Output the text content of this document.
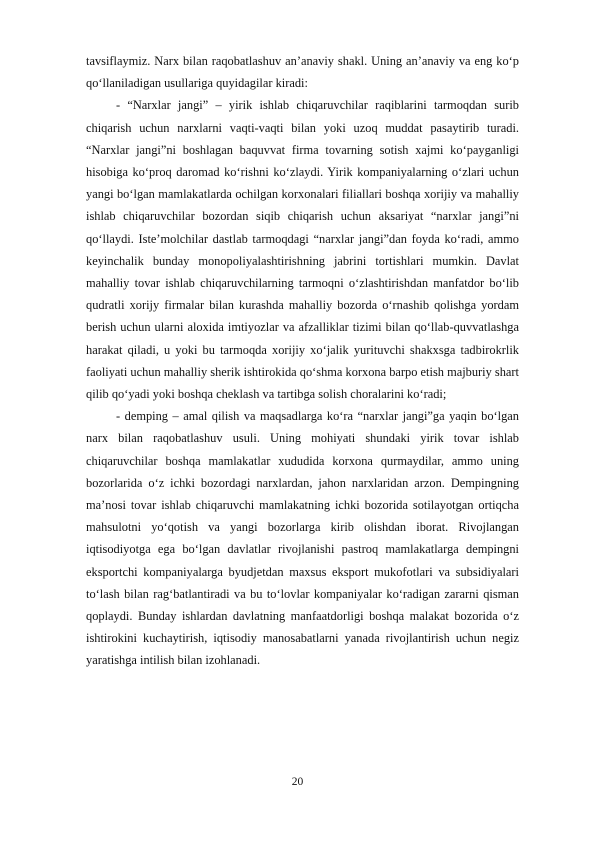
tavsiflaymiz. Narx bilan raqobatlashuv an’anaviy shakl. Uning an’anaviy va eng ko‘p qo‘llaniladigan usullariga quyidagilar kiradi:

- “Narxlar jangi” – yirik ishlab chiqaruvchilar raqiblarini tarmoqdan surib chiqarish uchun narxlarni vaqti-vaqti bilan yoki uzoq muddat pasaytirib turadi. “Narxlar jangi”ni boshlagan baquvvat firma tovarning sotish xajmi ko‘payganligi hisobiga ko‘proq daromad ko‘rishni ko‘zlaydi. Yirik kompaniyalarning o‘zlari uchun yangi bo‘lgan mamlakatlarda ochilgan korxonalari filiallari boshqa xorijiy va mahalliy ishlab chiqaruvchilar bozordan siqib chiqarish uchun aksariyat “narxlar jangi”ni qo‘llaydi. Iste’molchilar dastlab tarmoqdagi “narxlar jangi”dan foyda ko‘radi, ammo keyinchalik bunday monopoliyalashtirishning jabrini tortishlari mumkin. Davlat mahalliy tovar ishlab chiqaruvchilarning tarmoqni o‘zlashtirishdan manfatdor bo‘lib qudratli xorijy firmalar bilan kurashda mahalliy bozorda o‘rnashib qolishga yordam berish uchun ularni aloxida imtiyozlar va afzalliklar tizimi bilan qo‘llab-quvvatlashga harakat qiladi, u yoki bu tarmoqda xorijiy xo‘jalik yurituvchi shakxsga tadbirokrlik faoliyati uchun mahalliy sherik ishtirokida qo‘shma korxona barpo etish majburiy shart qilib qo‘yadi yoki boshqa cheklash va tartibga solish choralarini ko‘radi;

- demping – amal qilish va maqsadlarga ko‘ra “narxlar jangi”ga yaqin bo‘lgan narx bilan raqobatlashuv usuli. Uning mohiyati shundaki yirik tovar ishlab chiqaruvchilar boshqa mamlakatlar xududida korxona qurmaydilar, ammo uning bozorlarida o‘z ichki bozordagi narxlardan, jahon narxlaridan arzon. Dempingning ma’nosi tovar ishlab chiqaruvchi mamlakatning ichki bozorida sotilayotgan ortiqcha mahsulotni yo‘qotish va yangi bozorlarga kirib olishdan iborat. Rivojlangan iqtisodiyotga ega bo‘lgan davlatlar rivojlanishi pastroq mamlakatlarga dempingni eksportchi kompaniyalarga byudjetdan maxsus eksport mukofotlari va subsidiyalari to‘lash bilan rag‘batlantiradi va bu to‘lovlar kompaniyalar ko‘radigan zararni qisman qoplaydi. Bunday ishlardan davlatning manfaatdorligi boshqa malakat bozorida o‘z ishtirokini kuchaytirish, iqtisodiy manosabatlarni yanada rivojlantirish uchun negiz yaratishga intilish bilan izohlanadi.

20
